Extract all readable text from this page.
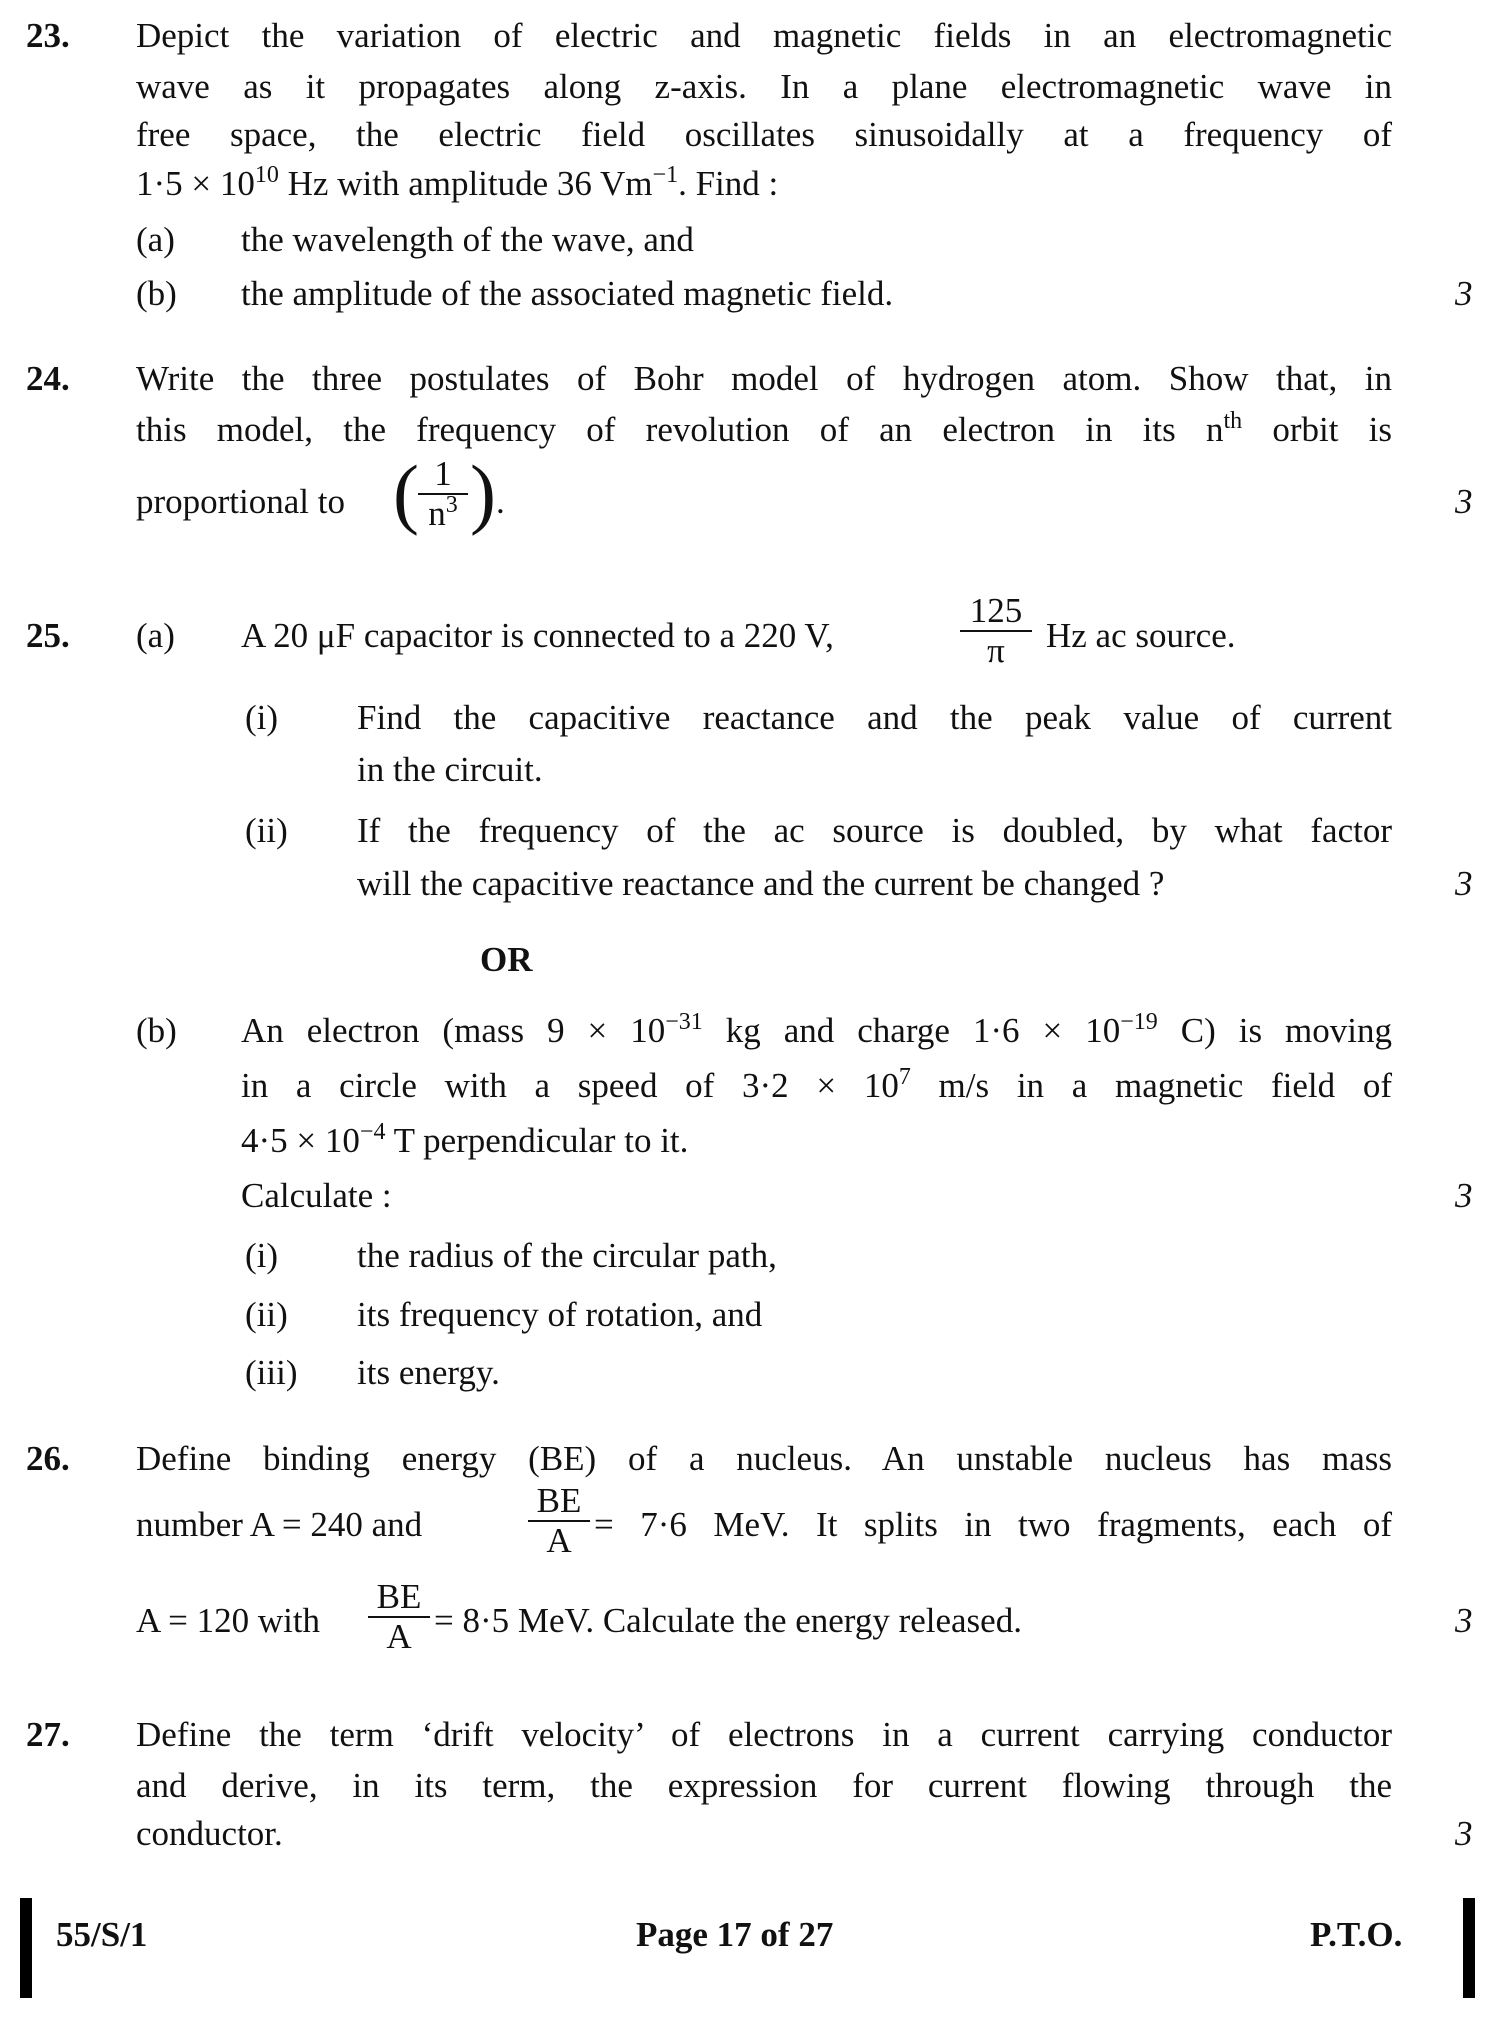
23. Depict the variation of electric and magnetic fields in an electromagnetic
wave as it propagates along z-axis. In a plane electromagnetic wave in
free space, the electric field oscillates sinusoidally at a frequency of
$1\cdot 5 \times 10^{10}$ Hz with amplitude 36 $Vm^{-1}$. Find :
(a) the wavelength of the wave, and
(b) the amplitude of the associated magnetic field.	3
24. Write the three postulates of Bohr model of hydrogen atom. Show that, in
this model, the frequency of revolution of an electron in its $n^{th}$ orbit is
proportional to ( $\frac{1}{n^3}$ ) .	3
25. (a) A 20 μF capacitor is connected to a 220 V,	$\frac{125}{\pi}$ Hz ac source.
(i) Find the capacitive reactance and the peak value of current
in the circuit.
(ii) If the frequency of the ac source is doubled, by what factor
will the capacitive reactance and the current be changed ?	3
OR
(b) An electron (mass $9 \times 10^{-31}$ kg and charge $1\cdot 6 \times 10^{-19}$ C) is moving
in a circle with a speed of $3\cdot 2 \times 10^7$ m/s in a magnetic field of
$4\cdot 5 \times 10^{-4}$ T perpendicular to it.
Calculate :	3
(i) the radius of the circular path,
(ii) its frequency of rotation, and
(iii) its energy.
26. Define binding energy (BE) of a nucleus. An unstable nucleus has mass
number A = 240 and	$\frac{BE}{A} = 7\cdot 6$ MeV. It splits in two fragments, each of
A = 120 with $\frac{BE}{A} = 8\cdot 5$ MeV. Calculate the energy released.	3
27. Define the term ‘drift velocity’ of electrons in a current carrying conductor
and derive, in its term, the expression for current flowing through the
conductor.	3
55/S/1	Page 17 of 27	P.T.O.
